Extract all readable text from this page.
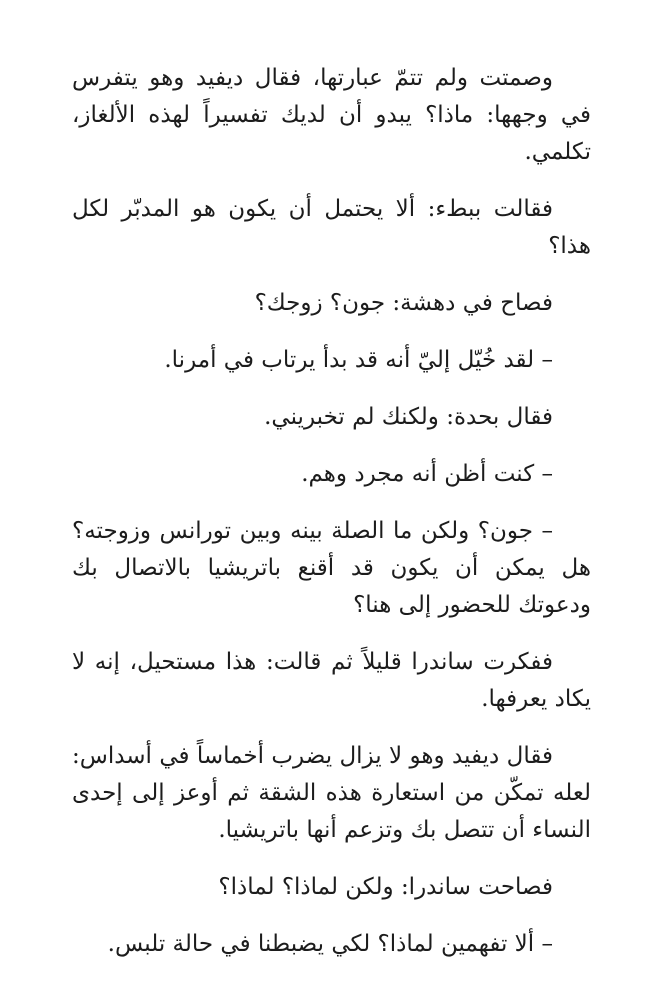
وصمتت ولم تتمّ عبارتها، فقال ديفيد وهو يتفرس في وجهها: ماذا؟ يبدو أن لديك تفسيراً لهذه الألغاز، تكلمي.

فقالت ببطء: ألا يحتمل أن يكون هو المدبّر لكل هذا؟

فصاح في دهشة: جون؟ زوجك؟

– لقد خُيّل إليّ أنه قد بدأ يرتاب في أمرنا.

فقال بحدة: ولكنك لم تخبريني.

– كنت أظن أنه مجرد وهم.

– جون؟ ولكن ما الصلة بينه وبين تورانس وزوجته؟ هل يمكن أن يكون قد أقنع باتريشيا بالاتصال بك ودعوتك للحضور إلى هنا؟

ففكرت ساندرا قليلاً ثم قالت: هذا مستحيل، إنه لا يكاد يعرفها.

فقال ديفيد وهو لا يزال يضرب أخماساً في أسداس: لعله تمكّن من استعارة هذه الشقة ثم أوعز إلى إحدى النساء أن تتصل بك وتزعم أنها باتريشيا.

فصاحت ساندرا: ولكن لماذا؟ لماذا؟

– ألا تفهمين لماذا؟ لكي يضبطنا في حالة تلبس.
